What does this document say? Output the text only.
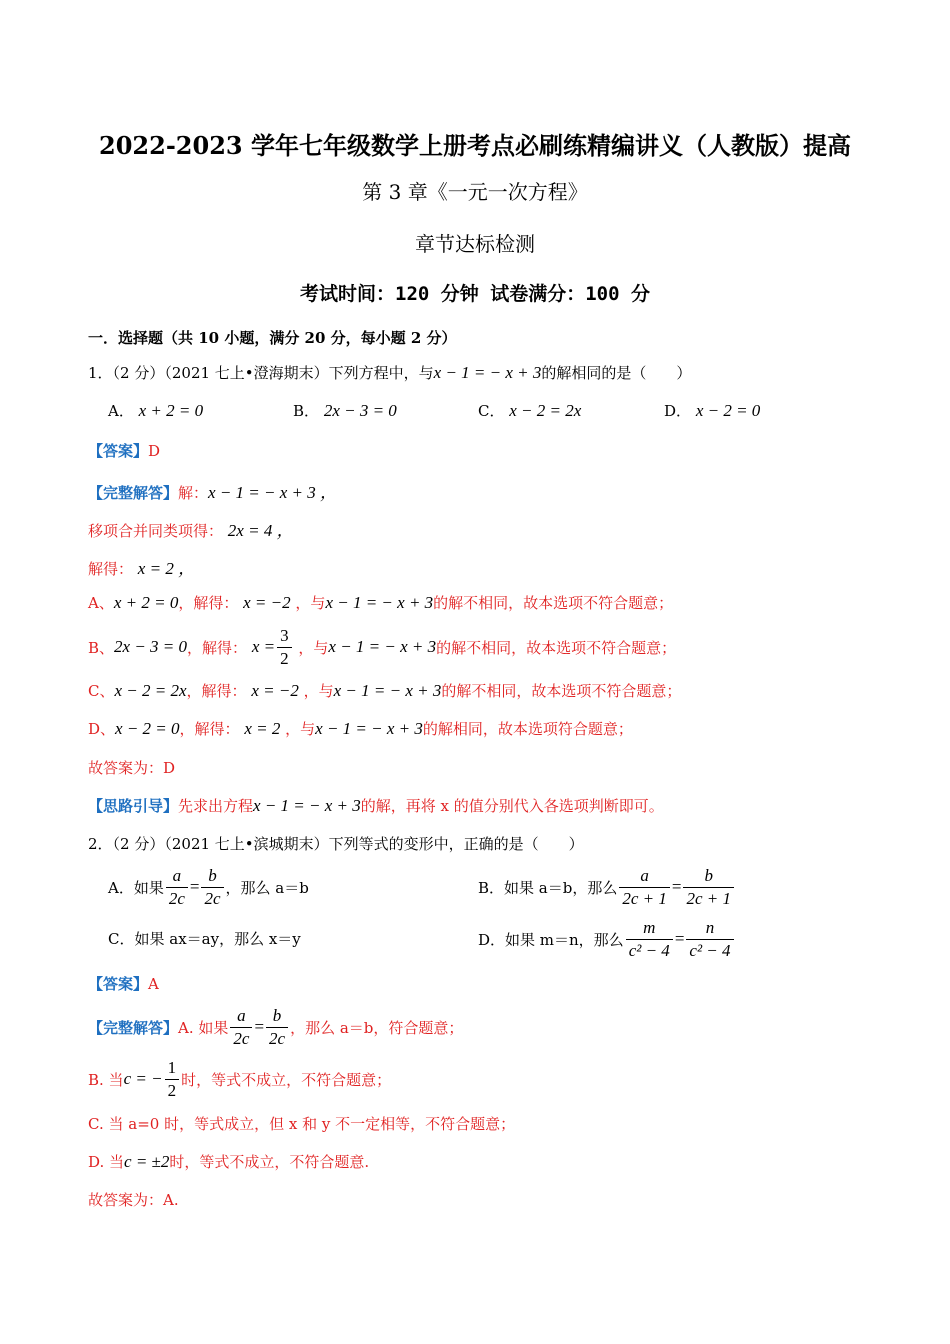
2022-2023 学年七年级数学上册考点必刷练精编讲义（人教版）提高
第 3 章《一元一次方程》
章节达标检测
考试时间：120 分钟 试卷满分：100 分
一．选择题（共 10 小题，满分 20 分，每小题 2 分）
1．（2 分）（2021 七上•澄海期末）下列方程中，与x − 1 = − x + 3的解相同的是（　　）
A． x + 2 = 0	B． 2x − 3 = 0	C． x − 2 = 2x	D． x − 2 = 0
【答案】D
【完整解答】解：x − 1 = − x + 3 ，
移项合并同类项得： 2x = 4 ，
解得： x = 2 ，
A、x + 2 = 0，解得： x = −2 ，与x − 1 = − x + 3的解不相同，故本选项不符合题意；
B、 2x − 3 = 0 ，解得：
$x = \frac{3}{2}$
，与 x − 1 = − x + 3 的解不相同，故本选项不符合题意；
C、x − 2 = 2x，解得： x = −2 ，与x − 1 = − x + 3的解不相同，故本选项不符合题意；
D、x − 2 = 0，解得： x = 2 ，与x − 1 = − x + 3的解相同，故本选项符合题意；
故答案为：D
【思路引导】先求出方程x − 1 = − x + 3的解，再将 x 的值分别代入各选项判断即可。
2．（2 分）（2021 七上•滨城期末）下列等式的变形中，正确的是（　　）
A．如果 $\frac{a}{2c} = \frac{b}{2c}$ ，那么 a＝b	B．如果 a＝b，那么 $\frac{a}{2c + 1} = \frac{b}{2c + 1}$
C．如果 ax＝ay，那么 x＝y	D．如果 m＝n，那么 $\frac{m}{\text{c² − 4}} = \frac{n}{\text{c² − 4}}$
【答案】A
【完整解答】 A. 如果 $\frac{a}{2c} = \frac{b}{2c}$ ，那么 a＝b，符合题意；
B. 当 c = − $\frac{1}{2}$ 时，等式不成立，不符合题意；
C. 当 a=0 时，等式成立，但 x 和 y 不一定相等，不符合题意；
D. 当c = ±2时，等式不成立，不符合题意.
故答案为：A.
